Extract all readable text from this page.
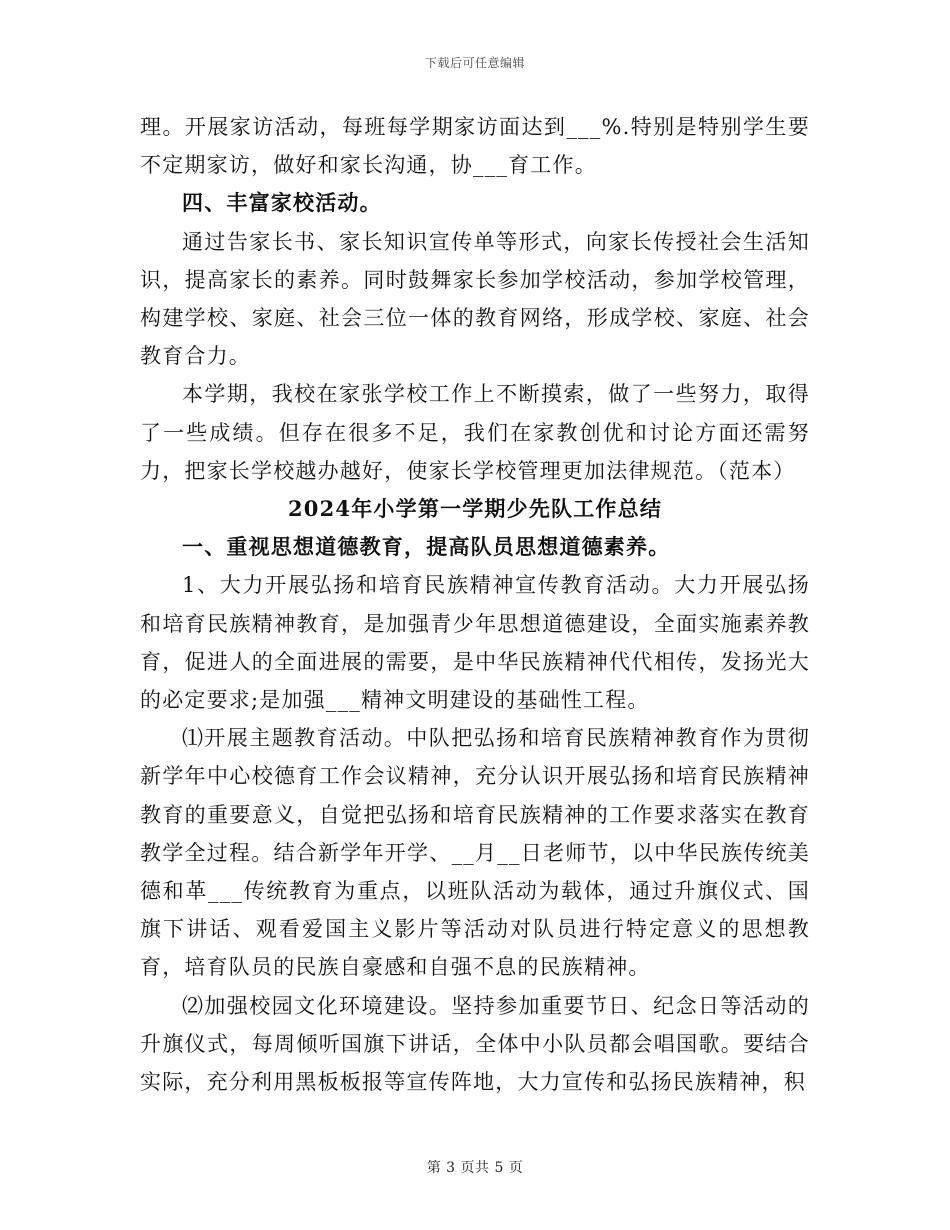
下载后可任意编辑

理。开展家访活动，每班每学期家访面达到___%.特别是特别学生要不定期家访，做好和家长沟通，协___育工作。

四、丰富家校活动。

通过告家长书、家长知识宣传单等形式，向家长传授社会生活知识，提高家长的素养。同时鼓舞家长参加学校活动，参加学校管理，构建学校、家庭、社会三位一体的教育网络，形成学校、家庭、社会教育合力。

本学期，我校在家张学校工作上不断摸索，做了一些努力，取得了一些成绩。但存在很多不足，我们在家教创优和讨论方面还需努力，把家长学校越办越好，使家长学校管理更加法律规范。（范本）

2024年小学第一学期少先队工作总结

一、重视思想道德教育，提高队员思想道德素养。

1、大力开展弘扬和培育民族精神宣传教育活动。大力开展弘扬和培育民族精神教育，是加强青少年思想道德建设，全面实施素养教育，促进人的全面进展的需要，是中华民族精神代代相传，发扬光大的必定要求;是加强___精神文明建设的基础性工程。

⑴开展主题教育活动。中队把弘扬和培育民族精神教育作为贯彻新学年中心校德育工作会议精神，充分认识开展弘扬和培育民族精神教育的重要意义，自觉把弘扬和培育民族精神的工作要求落实在教育教学全过程。结合新学年开学、__月__日老师节，以中华民族传统美德和革___传统教育为重点，以班队活动为载体，通过升旗仪式、国旗下讲话、观看爱国主义影片等活动对队员进行特定意义的思想教育，培育队员的民族自豪感和自强不息的民族精神。

⑵加强校园文化环境建设。坚持参加重要节日、纪念日等活动的升旗仪式，每周倾听国旗下讲话，全体中小队员都会唱国歌。要结合实际，充分利用黑板板报等宣传阵地，大力宣传和弘扬民族精神，积

第 3 页共 5 页
